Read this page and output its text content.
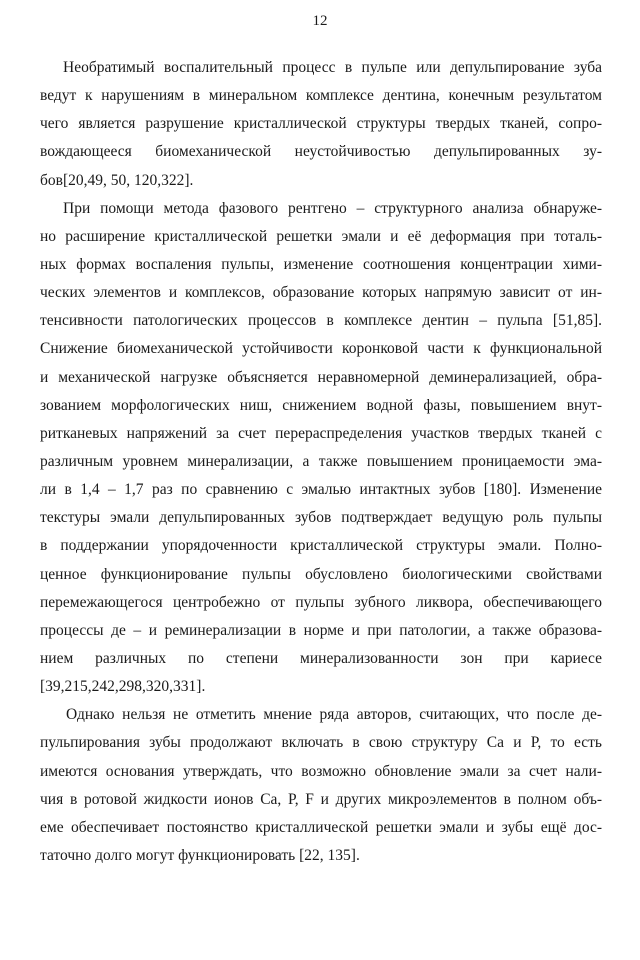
12
Необратимый воспалительный процесс в пульпе или депульпирование зуба
ведут к нарушениям в минеральном комплексе дентина, конечным результатом
чего является разрушение кристаллической структуры твердых тканей, сопро-
вождающееся биомеханической неустойчивостью депульпированных зу-
бов[20,49, 50, 120,322].
При помощи метода фазового рентгено – структурного анализа обнаруже-
но расширение кристаллической решетки эмали и её деформация при тоталь-
ных формах воспаления пульпы, изменение соотношения концентрации хими-
ческих элементов и комплексов, образование которых напрямую зависит от ин-
тенсивности патологических процессов в комплексе дентин – пульпа [51,85].
Снижение биомеханической устойчивости коронковой части к функциональной
и механической нагрузке объясняется неравномерной деминерализацией, обра-
зованием морфологических ниш, снижением водной фазы, повышением внут-
ритканевых напряжений за счет перераспределения участков твердых тканей с
различным уровнем минерализации, а также повышением проницаемости эма-
ли в 1,4 – 1,7 раз по сравнению с эмалью интактных зубов [180]. Изменение
текстуры эмали депульпированных зубов подтверждает ведущую роль пульпы
в поддержании упорядоченности кристаллической структуры эмали. Полно-
ценное функционирование пульпы обусловлено биологическими свойствами
перемежающегося центробежно от пульпы зубного ликвора, обеспечивающего
процессы де – и реминерализации в норме и при патологии, а также образова-
нием различных по степени минерализованности зон при кариесе
[39,215,242,298,320,331].
Однако нельзя не отметить мнение ряда авторов, считающих, что после де-
пульпирования зубы продолжают включать в свою структуру Са и Р, то есть
имеются основания утверждать, что возможно обновление эмали за счет нали-
чия в ротовой жидкости ионов Са, Р, F и других микроэлементов в полном объ-
еме обеспечивает постоянство кристаллической решетки эмали и зубы ещё дос-
таточно долго могут функционировать [22, 135].
